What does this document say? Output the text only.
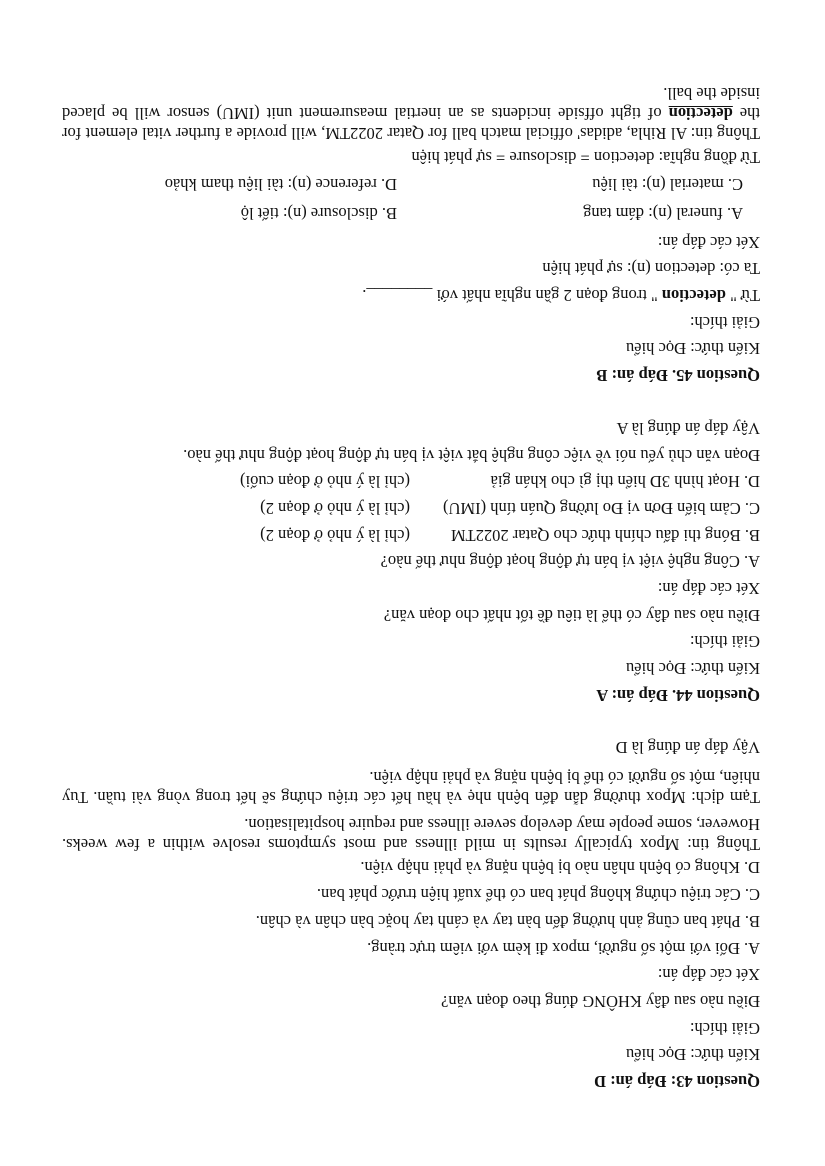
Question 43: Đáp án: D
Kiến thức: Đọc hiểu
Giải thích:
Điều nào sau đây KHÔNG đúng theo đoạn văn?
Xét các đáp án:
A. Đối với một số người, mpox đi kèm với viêm trực tràng.
B. Phát ban cũng ảnh hưởng đến bàn tay và cánh tay hoặc bàn chân và chân.
C. Các triệu chứng không phát ban có thể xuất hiện trước phát ban.
D. Không có bệnh nhân nào bị bệnh nặng và phải nhập viện.
Thông tin: Mpox typically results in mild illness and most symptoms resolve within a few weeks. However, some people may develop severe illness and require hospitalisation.
Tạm dịch: Mpox thường dẫn đến bệnh nhẹ và hầu hết các triệu chứng sẽ hết trong vòng vài tuần. Tuy nhiên, một số người có thể bị bệnh nặng và phải nhập viện.
Vậy đáp án đúng là D
Question 44. Đáp án: A
Kiến thức: Đọc hiểu
Giải thích:
Điều nào sau đây có thể là tiêu đề tốt nhất cho đoạn văn?
Xét các đáp án:
A. Công nghệ việt vị bán tự động hoạt động như thế nào?
B. Bóng thi đấu chính thức cho Qatar 2022TM
(chỉ là ý nhỏ ở đoạn 2)
C. Cảm biến Đơn vị Đo lường Quán tính (IMU)
(chỉ là ý nhỏ ở đoạn 2)
D. Hoạt hình 3D hiển thị gì cho khán giả
(chỉ là ý nhỏ ở đoạn cuối)
Đoạn văn chủ yếu nói về việc công nghệ bắt việt vị bán tự động hoạt động như thế nào.
Vậy đáp án đúng là A
Question 45. Đáp án: B
Kiến thức: Đọc hiểu
Giải thích:
Từ " detection " trong đoạn 2 gần nghĩa nhất với ________.
Ta có: detection (n): sự phát hiện
Xét các đáp án:
A. funeral (n): đám tang
B. disclosure (n): tiết lộ
C. material (n): tài liệu
D. reference (n): tài liệu tham khảo
Từ đồng nghĩa: detection = disclosure = sự phát hiện
Thông tin: Al Rihla, adidas' official match ball for Qatar 2022TM, will provide a further vital element for the detection of tight offside incidents as an inertial measurement unit (IMU) sensor will be placed inside the ball.
